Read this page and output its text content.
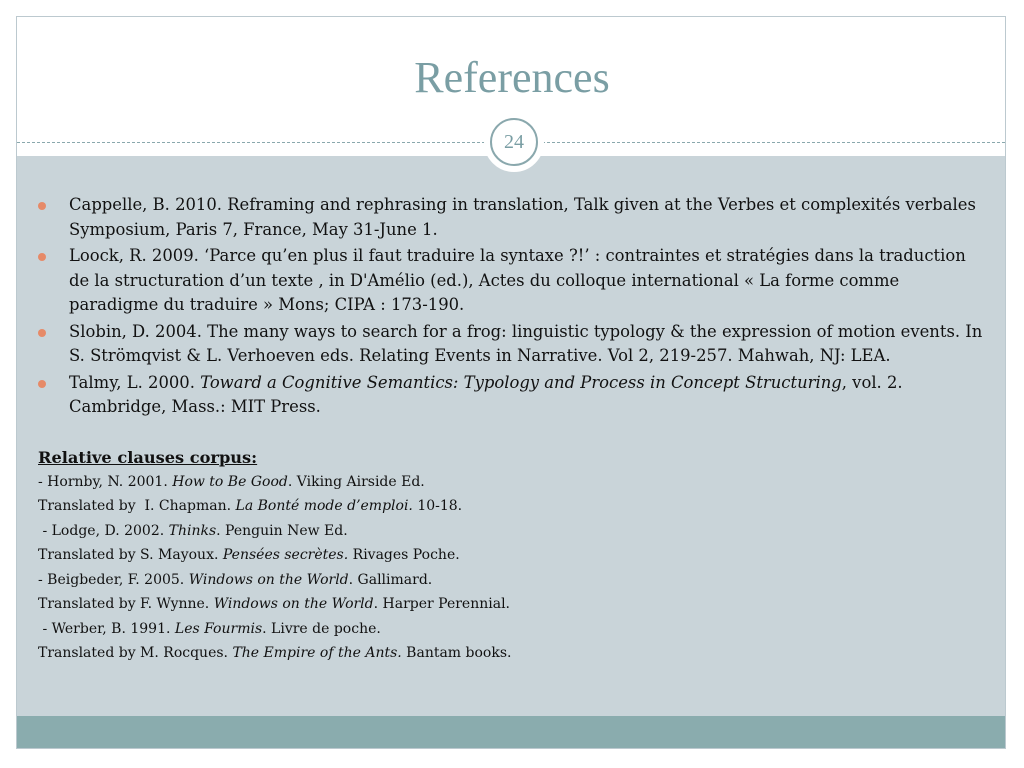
References
24
Cappelle, B. 2010. Reframing and rephrasing in translation, Talk given at the Verbes et complexités verbales Symposium, Paris 7, France, May 31-June 1.
Loock, R. 2009. ‘Parce qu’en plus il faut traduire la syntaxe ?!’ : contraintes et stratégies dans la traduction de la structuration d’un texte , in D'Amélio (ed.), Actes du colloque international « La forme comme paradigme du traduire » Mons; CIPA : 173-190.
Slobin, D. 2004. The many ways to search for a frog: linguistic typology & the expression of motion events. In S. Strömqvist & L. Verhoeven eds. Relating Events in Narrative. Vol 2, 219-257. Mahwah, NJ: LEA.
Talmy, L. 2000. Toward a Cognitive Semantics: Typology and Process in Concept Structuring, vol. 2. Cambridge, Mass.: MIT Press.
Relative clauses corpus:
- Hornby, N. 2001. How to Be Good. Viking Airside Ed.
Translated by  I. Chapman. La Bonté mode d’emploi. 10-18.
- Lodge, D. 2002. Thinks. Penguin New Ed.
Translated by S. Mayoux. Pensées secrètes. Rivages Poche.
- Beigbeder, F. 2005. Windows on the World. Gallimard.
Translated by F. Wynne. Windows on the World. Harper Perennial.
- Werber, B. 1991. Les Fourmis. Livre de poche.
Translated by M. Rocques. The Empire of the Ants. Bantam books.
